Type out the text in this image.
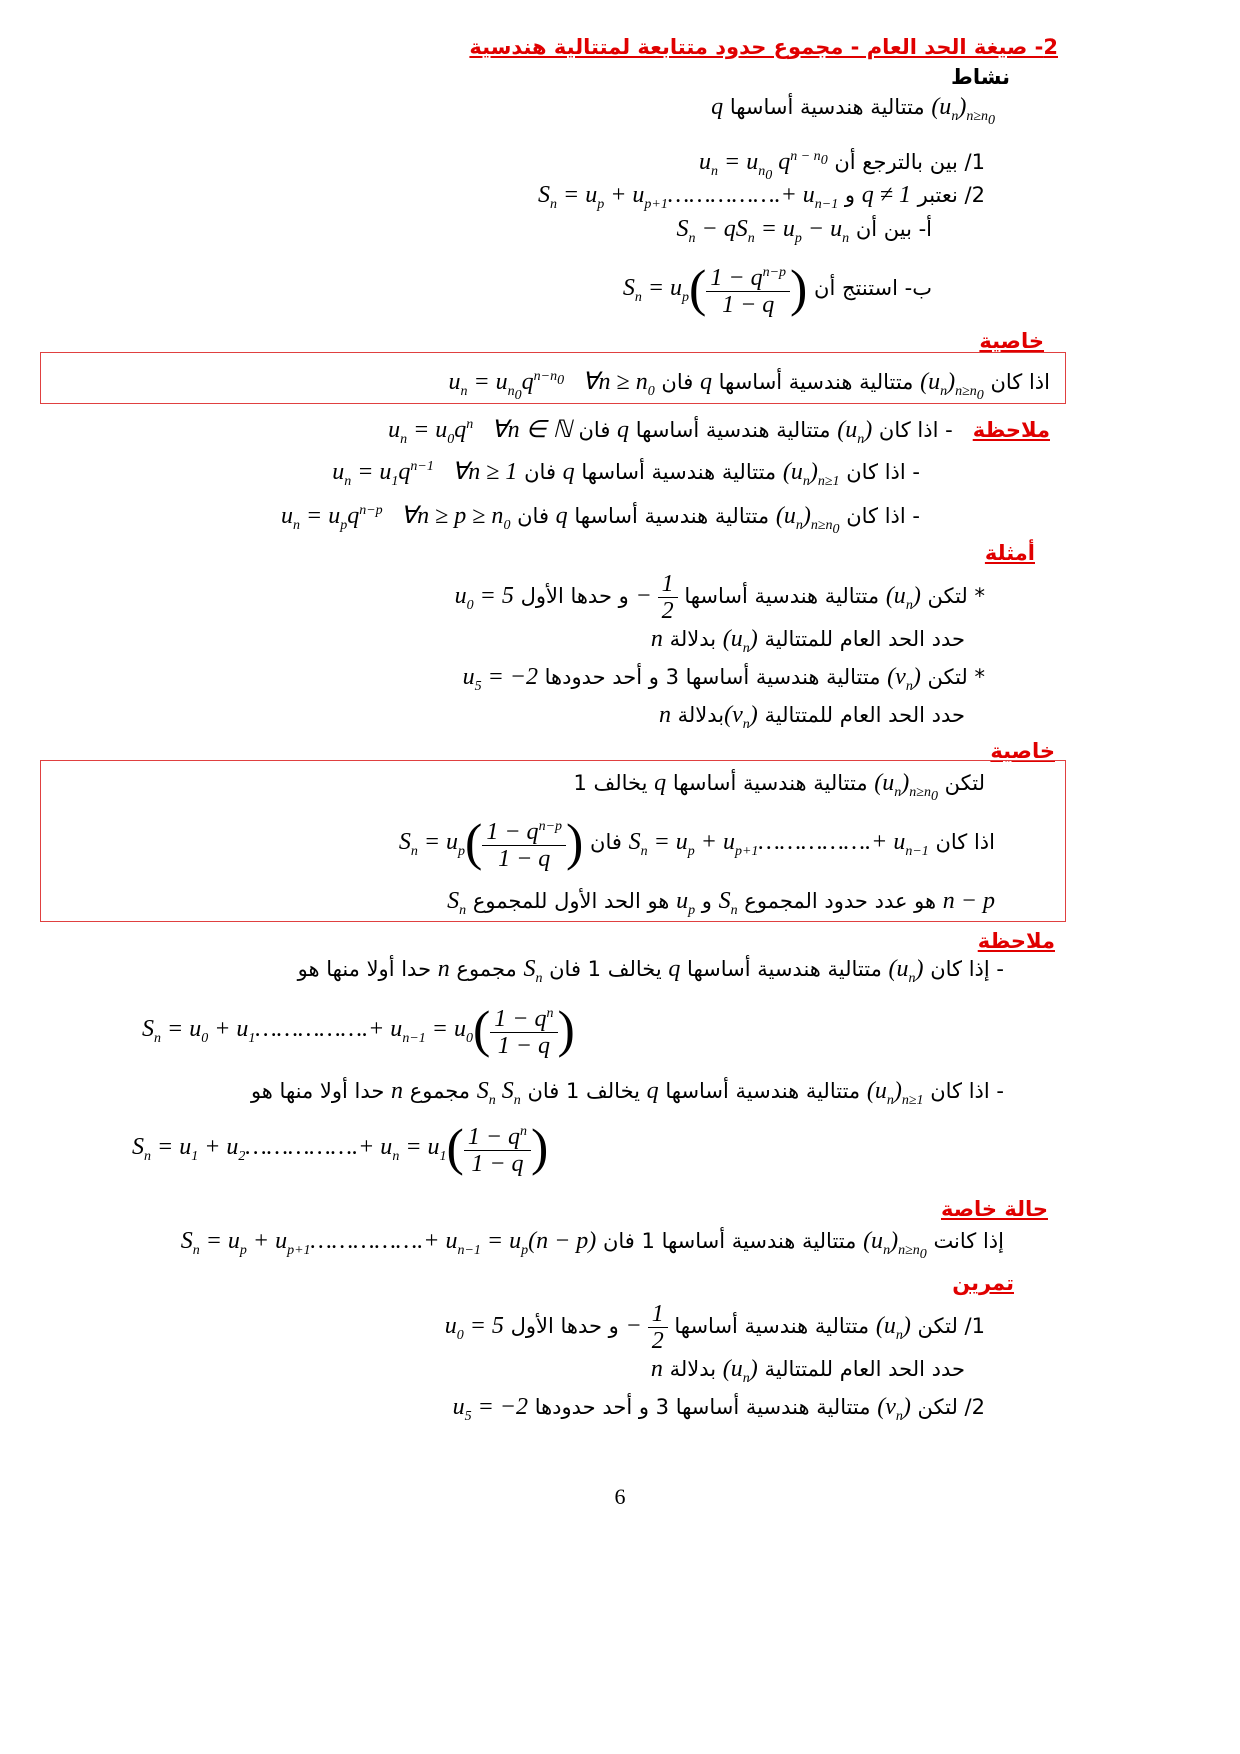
2- صيغة الحد العام - مجموع حدود متتابعة لمتتالية هندسية
نشاط
$(u_n)_{n\ge n_0}$ متتالية هندسية أساسها q
1/ بين بالترجع أن $u_n = u_{n_0}$ $q^{n - n_0}$
2/ نعتبر q ≠ 1 و $S_n = u_p$ + $u_{p+1}\dots\dots\dots\dots\dots.+ u_{n-1}$
أ- بين أن $S_n - qS_n = u_p - u_n$
ب- استنتج أن $S_n = u_p( \frac{1 - q^{n-p}}{1 - q}$ )
خاصية
اذا كان $(u_n)_{n\ge n_0}$ متتالية هندسية أساسها q فان $u_n = u_{n_0}q^{n-n_0}$   ∀n ≥ $n_0$
ملاحظة   - اذا كان $(u_n)$ متتالية هندسية أساسها q فان $u_n = u_0q^n$   ∀n ∈ ℕ
- اذا كان $(u_n)_{n\ge 1}$ متتالية هندسية أساسها q فان $u_n = u_1q^{n-1}$   ∀n ≥ 1
- اذا كان $(u_n)_{n\ge n_0}$ متتالية هندسية أساسها q فان $u_n = u_pq^{n-p}$   ∀n ≥ $p \ge n_0$
أمثلة
* لتكن $(u_n)$ متتالية هندسية أساسها − $\frac{1}{2}$
و حدها الأول $u_0 = 5$
حدد الحد العام للمتتالية $(u_n)$ بدلالة n
* لتكن $(v_n)$ متتالية هندسية أساسها 3 و أحد حدودها $u_5 = -2$
حدد الحد العام للمتتالية $(v_n)بدلالة$ n
خاصية
لتكن $(u_n)_{n\ge n_0}$ متتالية هندسية أساسها q يخالف 1
اذا كان $S_n = u_p$ + $u_{p+1}\dots\dots\dots\dots\dots.+ u_{n-1}$ فان $S_n = u_p( \frac{1 - q^{n-p}}{1 - q}$ )
n − p هو عدد حدود المجموع $S_n$ و $u_p$ هو الحد الأول للمجموع $S_n$
ملاحظة
- إذا كان $(u_n)$ متتالية هندسية أساسها q يخالف 1 فان $S_n$ مجموع n حدا أولا منها هو
$S_n = u_0$ + $u_1\dots\dots\dots\dots\dots.+ u_{n-1} = u_0( \frac{1 - q^n}{1 - q}$ )
- اذا كان $(u_n)_{n\ge 1}$ متتالية هندسية أساسها q يخالف 1 فان $S_n$ $S_n$ مجموع n حدا أولا منها هو
$S_n = u_1$ + $u_2\dots\dots\dots\dots\dots.+ u_n = u_1( \frac{1 - q^n}{1 - q}$ )
حالة خاصة
إذا كانت $(u_n)_{n\ge n_0}$ متتالية هندسية أساسها 1 فان $S_n = u_p$ + $u_{p+1}\dots\dots\dots\dots\dots.+ u_{n-1} = u_p(n - p)$
تمرين
1/ لتكن $(u_n)$ متتالية هندسية أساسها − $\frac{1}{2}$
و حدها الأول $u_0 = 5$
حدد الحد العام للمتتالية $(u_n)$ بدلالة n
2/ لتكن $(v_n)$ متتالية هندسية أساسها 3 و أحد حدودها $u_5 = -2$
6
